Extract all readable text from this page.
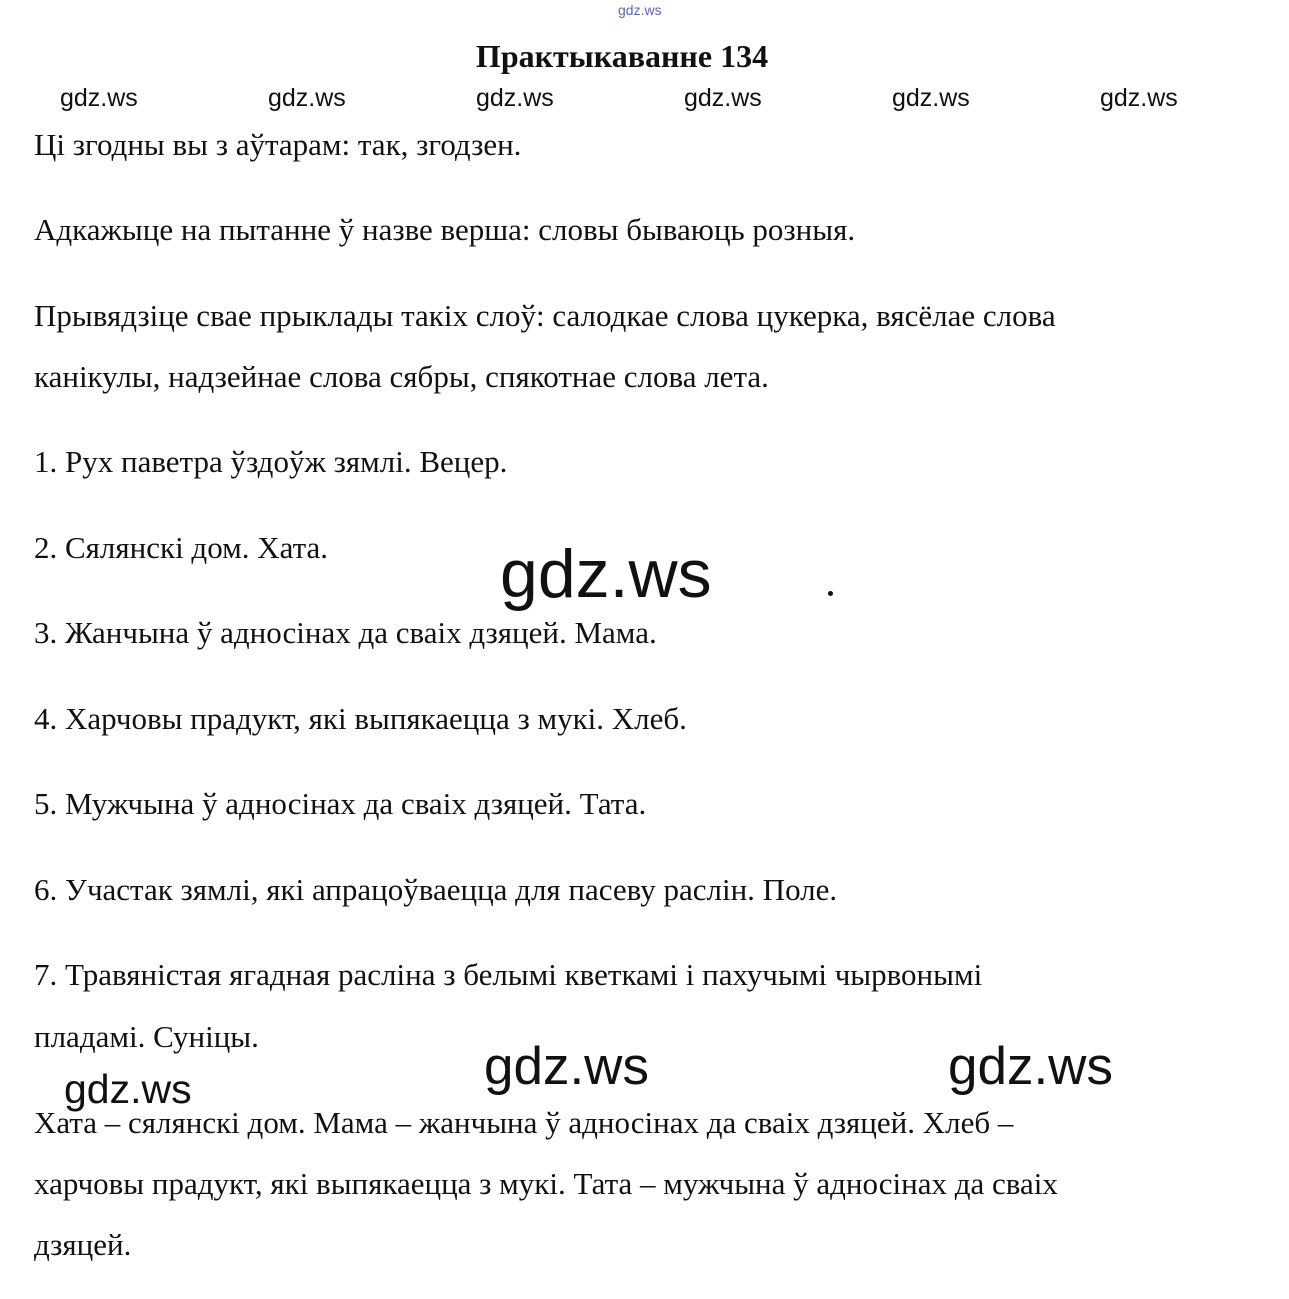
gdz.ws
Практыкаванне 134
gdz.ws	gdz.ws	gdz.ws	gdz.ws	gdz.ws	gdz.ws
Ці згодны вы з аўтарам: так, згодзен.
Адкажыце на пытанне ў назве верша: словы бываюць розныя.
Прывядзіце свае прыклады такіх слоў: салодкае слова цукерка, вясёлае слова
канікулы, надзейнае слова сябры, спякотнае слова лета.
1. Рух паветра ўздоўж зямлі. Вецер.
2. Сялянскі дом. Хата.
3. Жанчына ў адносінах да сваіх дзяцей. Мама.
4. Харчовы прадукт, які выпякаецца з мукі. Хлеб.
5. Мужчына ў адносінах да сваіх дзяцей. Тата.
6. Участак зямлі, які апрацоўваецца для пасеву раслін. Поле.
7. Травяністая ягадная расліна з белымі кветкамі і пахучымі чырвонымі
пладамі. Суніцы.
Хата – сялянскі дом. Мама – жанчына ў адносінах да сваіх дзяцей. Хлеб –
харчовы прадукт, які выпякаецца з мукі. Тата – мужчына ў адносінах да сваіх
дзяцей.
gdz.ws
gdz.ws	gdz.ws	gdz.ws
